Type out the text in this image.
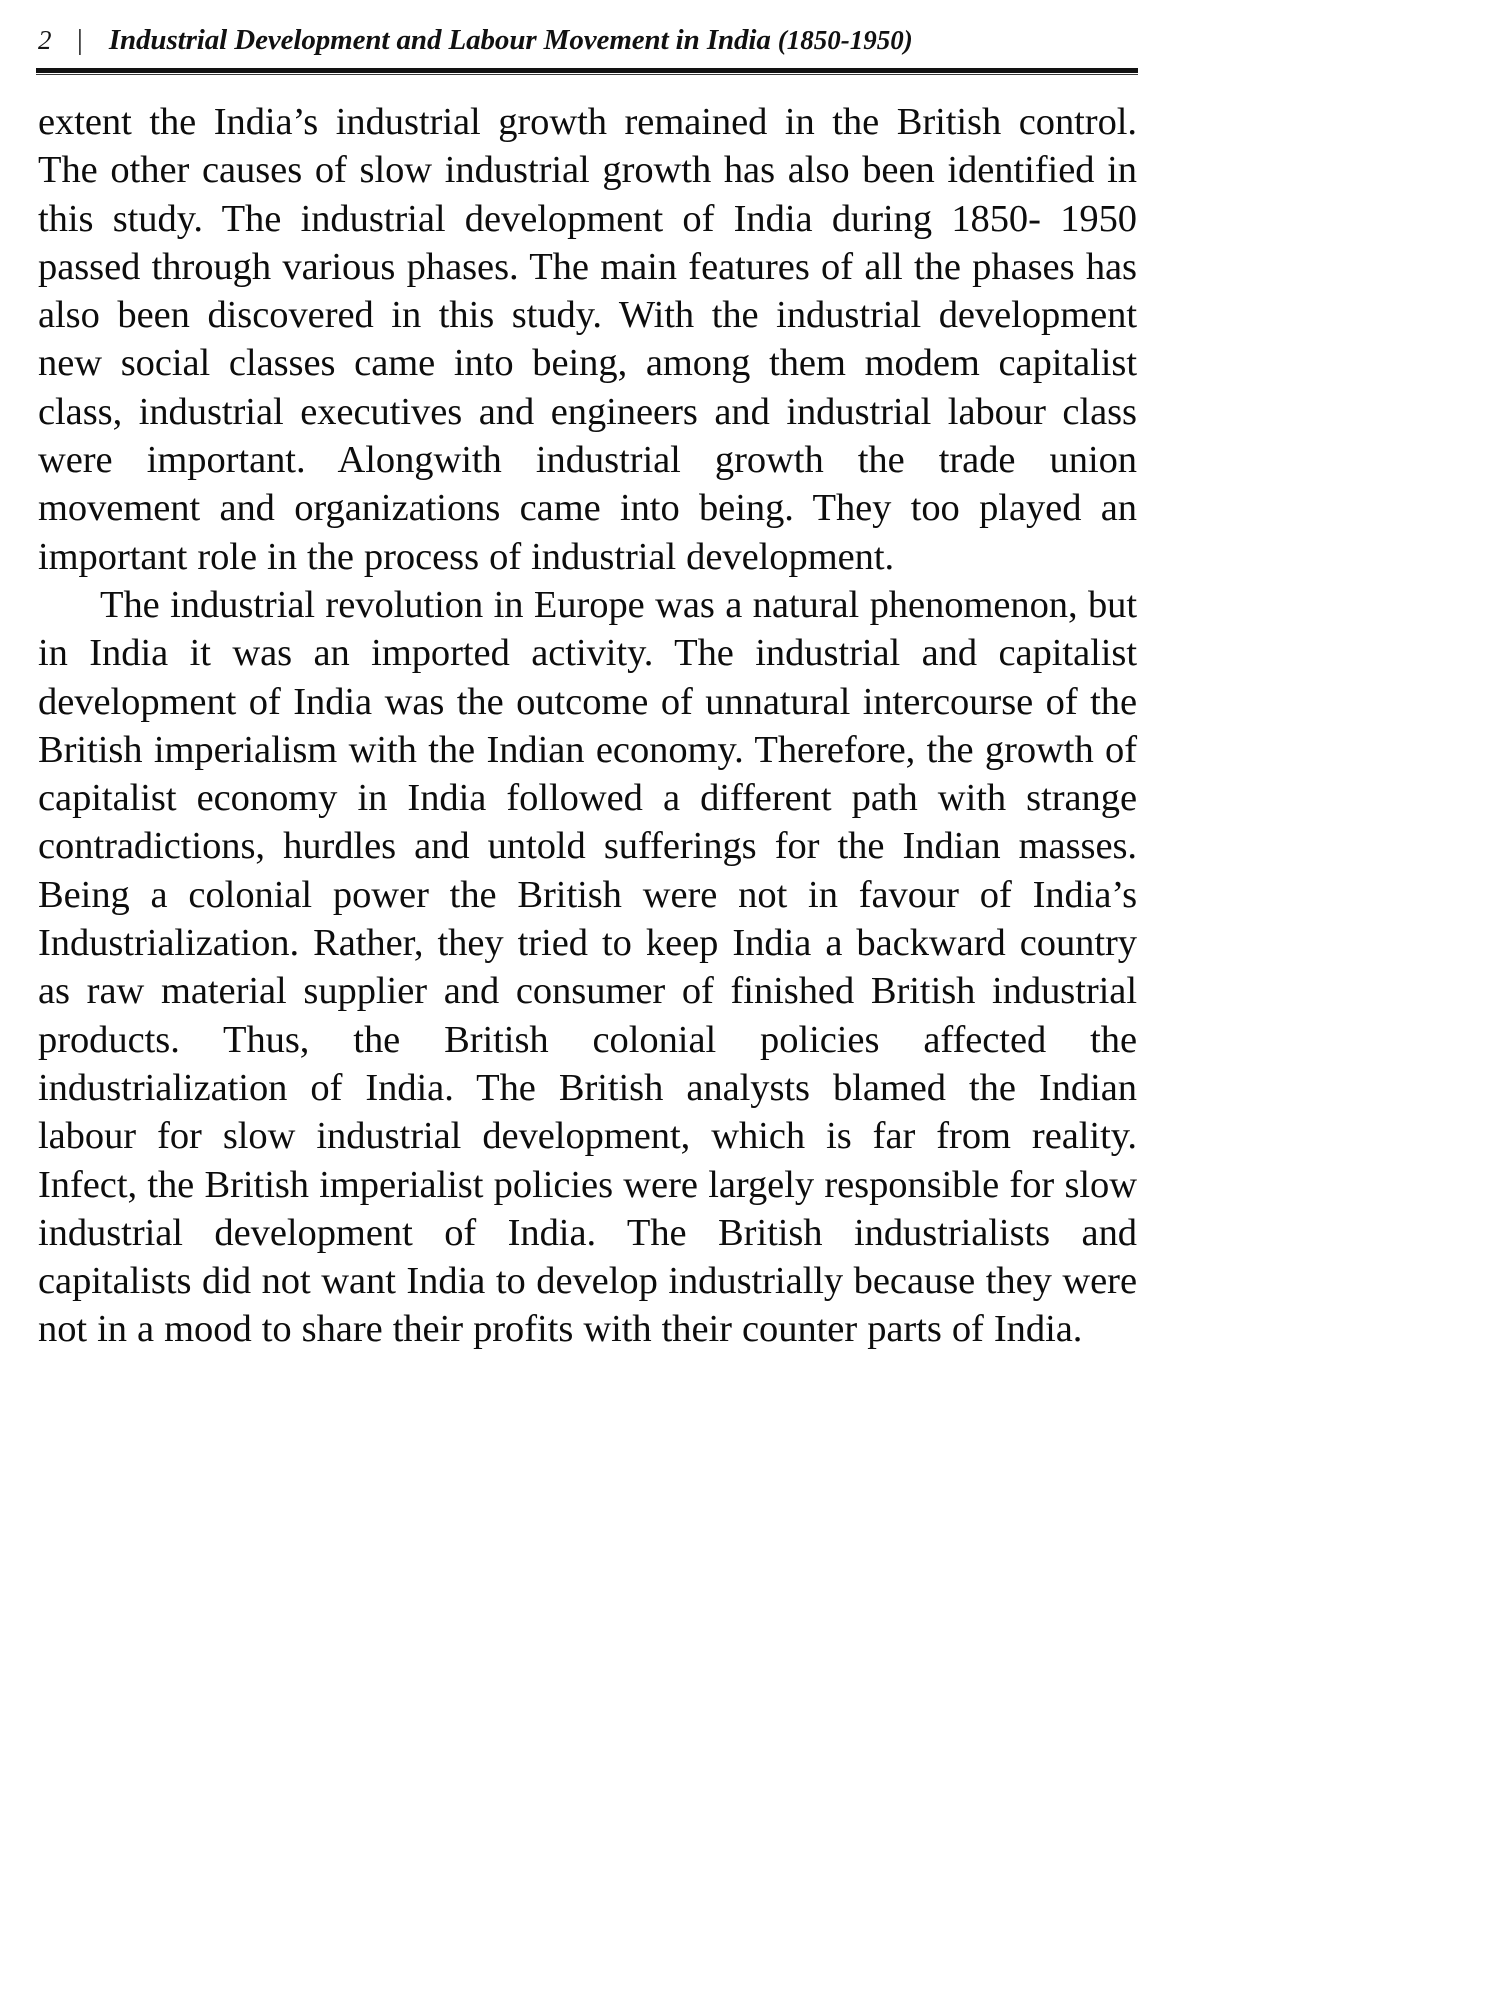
2 | Industrial Development and Labour Movement in India (1850-1950)

extent the India’s industrial growth remained in the British control. The other causes of slow industrial growth has also been identified in this study. The industrial development of India during 1850- 1950 passed through various phases. The main features of all the phases has also been discovered in this study. With the industrial development new social classes came into being, among them modem capitalist class, industrial executives and engineers and industrial labour class were important. Alongwith industrial growth the trade union movement and organizations came into being. They too played an important role in the process of industrial development.

The industrial revolution in Europe was a natural phenomenon, but in India it was an imported activity. The industrial and capitalist development of India was the outcome of unnatural intercourse of the British imperialism with the Indian economy. Therefore, the growth of capitalist economy in India followed a different path with strange contradictions, hurdles and untold sufferings for the Indian masses. Being a colonial power the British were not in favour of India’s Industrialization. Rather, they tried to keep India a backward country as raw material supplier and consumer of finished British industrial products. Thus, the British colonial policies affected the industrialization of India. The British analysts blamed the Indian labour for slow industrial development, which is far from reality. Infect, the British imperialist policies were largely responsible for slow industrial development of India. The British industrialists and capitalists did not want India to develop industrially because they were not in a mood to share their profits with their counter parts of India.
